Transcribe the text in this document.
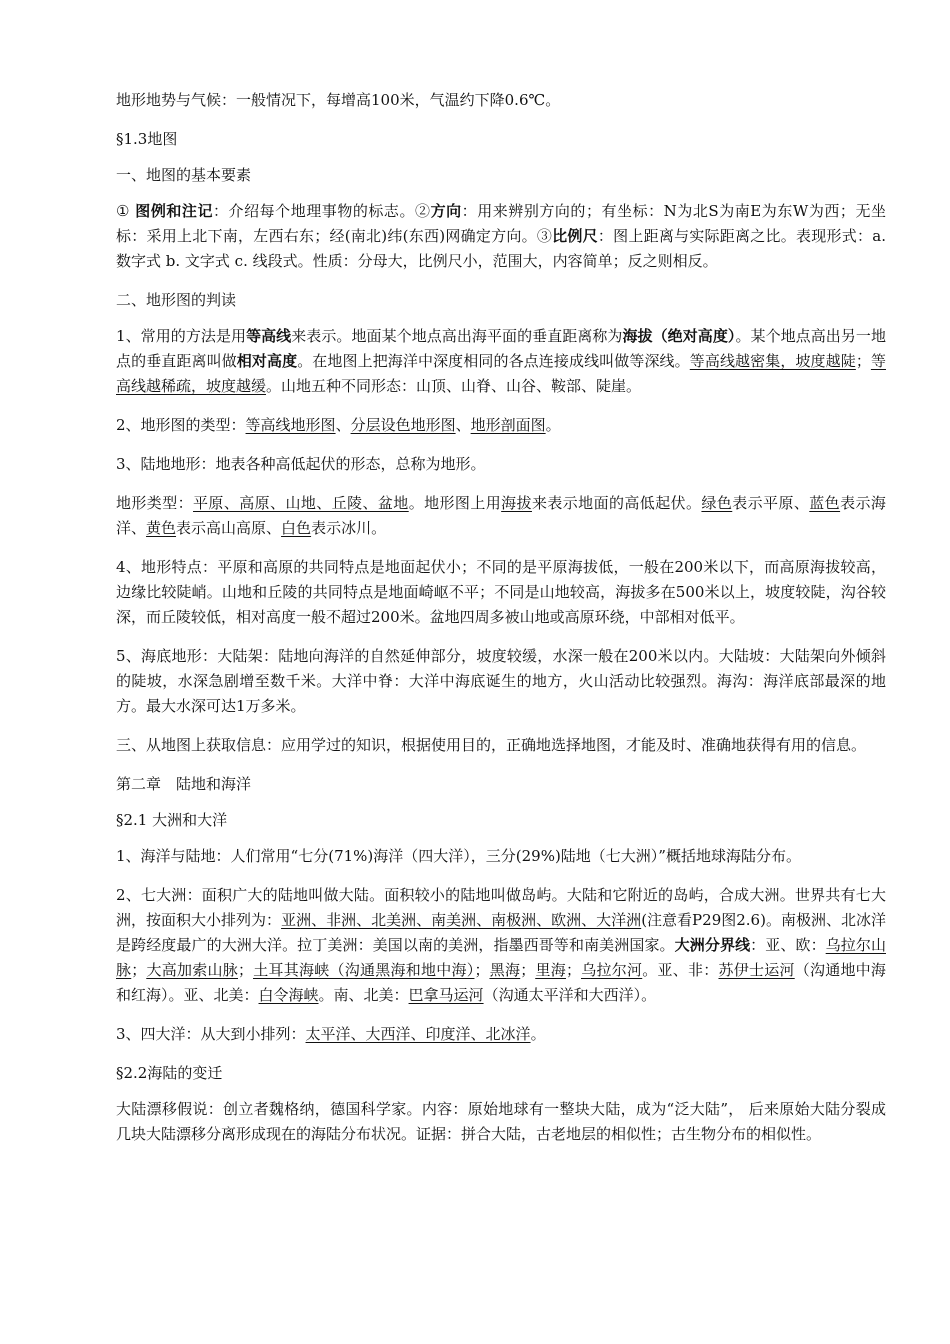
地形地势与气候：一般情况下，每增高100米，气温约下降0.6℃。

§1.3地图

一、地图的基本要素

① 图例和注记：介绍每个地理事物的标志。②方向：用来辨别方向的；有坐标：N为北S为南E为东W为西；无坐标：采用上北下南，左西右东；经(南北)纬(东西)网确定方向。③比例尺：图上距离与实际距离之比。表现形式：a.数字式 b. 文字式 c. 线段式。性质：分母大，比例尺小，范围大，内容简单；反之则相反。

二、地形图的判读

1、常用的方法是用等高线来表示。地面某个地点高出海平面的垂直距离称为海拔（绝对高度）。某个地点高出另一地点的垂直距离叫做相对高度。在地图上把海洋中深度相同的各点连接成线叫做等深线。等高线越密集，坡度越陡；等高线越稀疏，坡度越缓。山地五种不同形态：山顶、山脊、山谷、鞍部、陡崖。

2、地形图的类型：等高线地形图、分层设色地形图、地形剖面图。

3、陆地地形：地表各种高低起伏的形态，总称为地形。

地形类型：平原、高原、山地、丘陵、盆地。地形图上用海拔来表示地面的高低起伏。绿色表示平原、蓝色表示海洋、黄色表示高山高原、白色表示冰川。

4、地形特点：平原和高原的共同特点是地面起伏小；不同的是平原海拔低，一般在200米以下，而高原海拔较高，边缘比较陡峭。山地和丘陵的共同特点是地面崎岖不平；不同是山地较高，海拔多在500米以上，坡度较陡，沟谷较深，而丘陵较低，相对高度一般不超过200米。盆地四周多被山地或高原环绕，中部相对低平。

5、海底地形：大陆架：陆地向海洋的自然延伸部分，坡度较缓，水深一般在200米以内。大陆坡：大陆架向外倾斜的陡坡，水深急剧增至数千米。大洋中脊：大洋中海底诞生的地方，火山活动比较强烈。海沟：海洋底部最深的地方。最大水深可达1万多米。

三、从地图上获取信息：应用学过的知识，根据使用目的，正确地选择地图，才能及时、准确地获得有用的信息。

第二章　陆地和海洋

§2.1 大洲和大洋

1、海洋与陆地：人们常用“七分(71%)海洋（四大洋），三分(29%)陆地（七大洲）”概括地球海陆分布。

2、七大洲：面积广大的陆地叫做大陆。面积较小的陆地叫做岛屿。大陆和它附近的岛屿，合成大洲。世界共有七大洲，按面积大小排列为：亚洲、非洲、北美洲、南美洲、南极洲、欧洲、大洋洲(注意看P29图2.6)。南极洲、北冰洋是跨经度最广的大洲大洋。拉丁美洲：美国以南的美洲，指墨西哥等和南美洲国家。大洲分界线：亚、欧：乌拉尔山脉；大高加索山脉；土耳其海峡（沟通黑海和地中海）；黑海；里海；乌拉尔河。亚、非：苏伊士运河（沟通地中海和红海）。亚、北美：白令海峡。南、北美：巴拿马运河（沟通太平洋和大西洋）。

3、四大洋：从大到小排列：太平洋、大西洋、印度洋、北冰洋。

§2.2海陆的变迁

大陆漂移假说：创立者魏格纳，德国科学家。内容：原始地球有一整块大陆，成为“泛大陆”， 后来原始大陆分裂成几块大陆漂移分离形成现在的海陆分布状况。证据：拼合大陆，古老地层的相似性；古生物分布的相似性。
